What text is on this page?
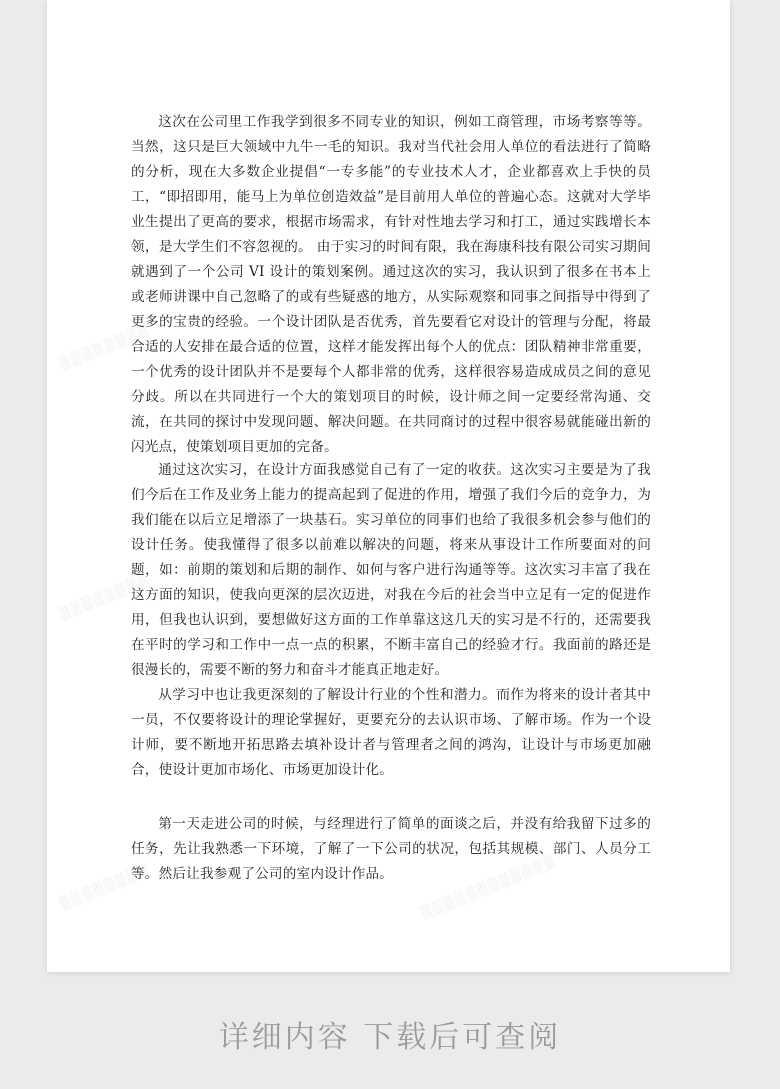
这次在公司里工作我学到很多不同专业的知识，例如工商管理，市场考察等等。当然，这只是巨大领域中九牛一毛的知识。我对当代社会用人单位的看法进行了简略的分析，现在大多数企业提倡“一专多能”的专业技术人才，企业都喜欢上手快的员工，“即招即用，能马上为单位创造效益”是目前用人单位的普遍心态。这就对大学毕业生提出了更高的要求，根据市场需求，有针对性地去学习和打工，通过实践增长本领，是大学生们不容忽视的。 由于实习的时间有限，我在海康科技有限公司实习期间就遇到了一个公司 VI 设计的策划案例。通过这次的实习，我认识到了很多在书本上或老师讲课中自己忽略了的或有些疑惑的地方，从实际观察和同事之间指导中得到了更多的宝贵的经验。一个设计团队是否优秀，首先要看它对设计的管理与分配，将最合适的人安排在最合适的位置，这样才能发挥出每个人的优点：团队精神非常重要，一个优秀的设计团队并不是要每个人都非常的优秀，这样很容易造成成员之间的意见分歧。所以在共同进行一个大的策划项目的时候，设计师之间一定要经常沟通、交流，在共同的探讨中发现问题、解决问题。在共同商讨的过程中很容易就能碰出新的闪光点，使策划项目更加的完备。

通过这次实习，在设计方面我感觉自己有了一定的收获。这次实习主要是为了我们今后在工作及业务上能力的提高起到了促进的作用，增强了我们今后的竞争力，为我们能在以后立足增添了一块基石。实习单位的同事们也给了我很多机会参与他们的设计任务。使我懂得了很多以前难以解决的问题，将来从事设计工作所要面对的问题，如：前期的策划和后期的制作、如何与客户进行沟通等等。这次实习丰富了我在这方面的知识，使我向更深的层次迈进，对我在今后的社会当中立足有一定的促进作用，但我也认识到，要想做好这方面的工作单靠这这几天的实习是不行的，还需要我在平时的学习和工作中一点一点的积累，不断丰富自己的经验才行。我面前的路还是很漫长的，需要不断的努力和奋斗才能真正地走好。

从学习中也让我更深刻的了解设计行业的个性和潜力。而作为将来的设计者其中一员，不仅要将设计的理论掌握好，更要充分的去认识市场、了解市场。作为一个设计师，要不断地开拓思路去填补设计者与管理者之间的鸿沟，让设计与市场更加融合，使设计更加市场化、市场更加设计化。

第一天走进公司的时候，与经理进行了简单的面谈之后，并没有给我留下过多的任务，先让我熟悉一下环境，了解了一下公司的状况，包括其规模、部门、人员分工等。然后让我参观了公司的室内设计作品。

▒▒▒▒▒▒▒▒
▒▒▒▒▒▒▒▒
▒▒▒▒▒▒▒▒	▒▒▒▒▒▒▒▒▒▒▒▒
详细内容 下载后可查阅
